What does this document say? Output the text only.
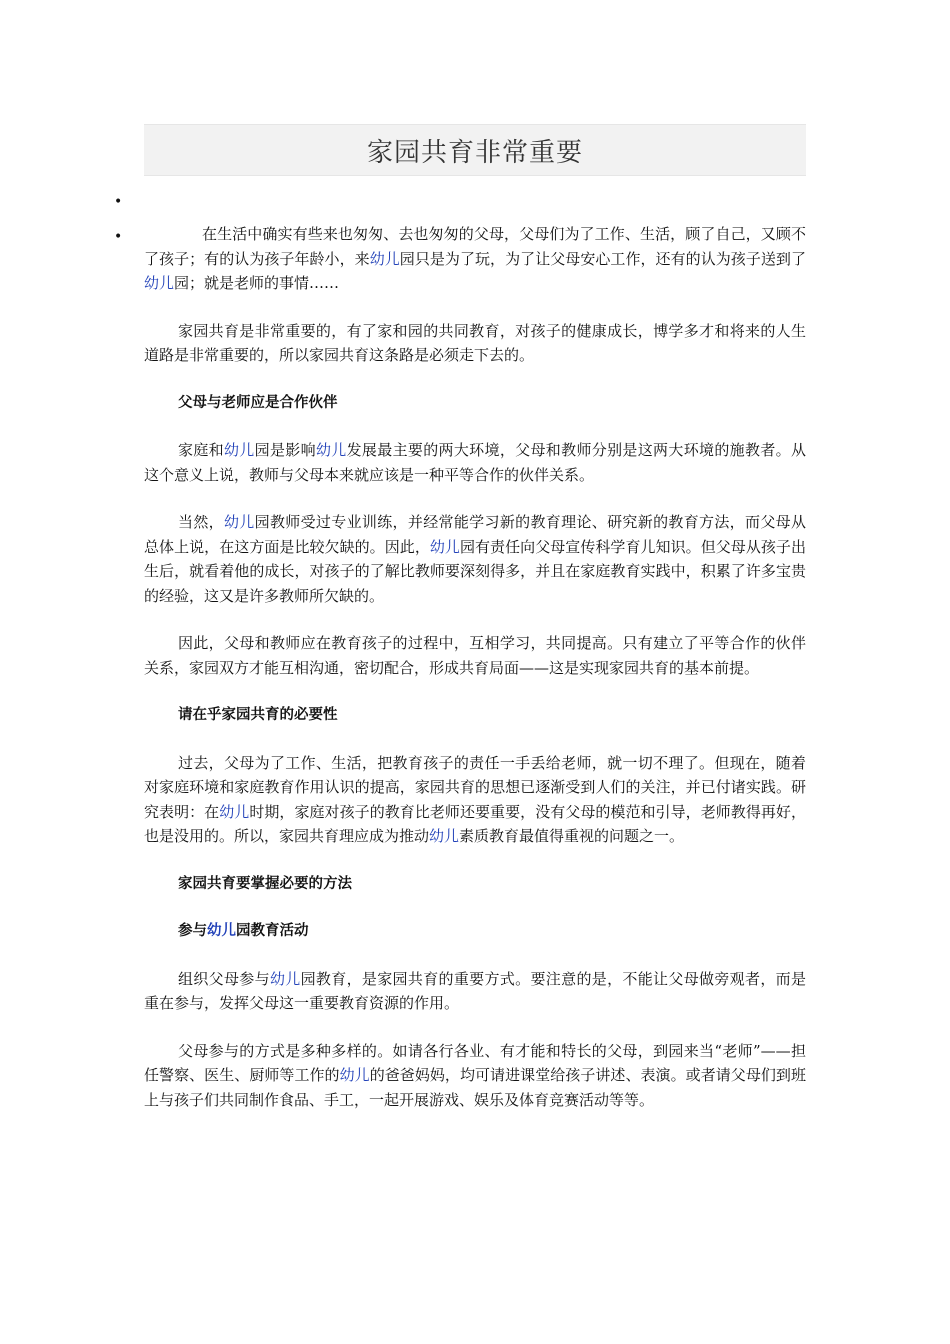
家园共育非常重要
•
•	在生活中确实有些来也匆匆、去也匆匆的父母，父母们为了工作、生活，顾了自己，又顾不了孩子；有的认为孩子年龄小，来幼儿园只是为了玩，为了让父母安心工作，还有的认为孩子送到了幼儿园；就是老师的事情……

家园共育是非常重要的，有了家和园的共同教育，对孩子的健康成长，博学多才和将来的人生道路是非常重要的，所以家园共育这条路是必须走下去的。

父母与老师应是合作伙伴

家庭和幼儿园是影响幼儿发展最主要的两大环境，父母和教师分别是这两大环境的施教者。从这个意义上说，教师与父母本来就应该是一种平等合作的伙伴关系。

当然，幼儿园教师受过专业训练，并经常能学习新的教育理论、研究新的教育方法，而父母从总体上说，在这方面是比较欠缺的。因此，幼儿园有责任向父母宣传科学育儿知识。但父母从孩子出生后，就看着他的成长，对孩子的了解比教师要深刻得多，并且在家庭教育实践中，积累了许多宝贵的经验，这又是许多教师所欠缺的。

因此，父母和教师应在教育孩子的过程中，互相学习，共同提高。只有建立了平等合作的伙伴关系，家园双方才能互相沟通，密切配合，形成共育局面——这是实现家园共育的基本前提。

请在乎家园共育的必要性

过去，父母为了工作、生活，把教育孩子的责任一手丢给老师，就一切不理了。但现在，随着对家庭环境和家庭教育作用认识的提高，家园共育的思想已逐渐受到人们的关注，并已付诸实践。研究表明：在幼儿时期，家庭对孩子的教育比老师还要重要，没有父母的模范和引导，老师教得再好，也是没用的。所以，家园共育理应成为推动幼儿素质教育最值得重视的问题之一。

家园共育要掌握必要的方法

参与幼儿园教育活动

组织父母参与幼儿园教育，是家园共育的重要方式。要注意的是，不能让父母做旁观者，而是重在参与，发挥父母这一重要教育资源的作用。

父母参与的方式是多种多样的。如请各行各业、有才能和特长的父母，到园来当“老师”——担任警察、医生、厨师等工作的幼儿的爸爸妈妈，均可请进课堂给孩子讲述、表演。或者请父母们到班上与孩子们共同制作食品、手工，一起开展游戏、娱乐及体育竞赛活动等等。
